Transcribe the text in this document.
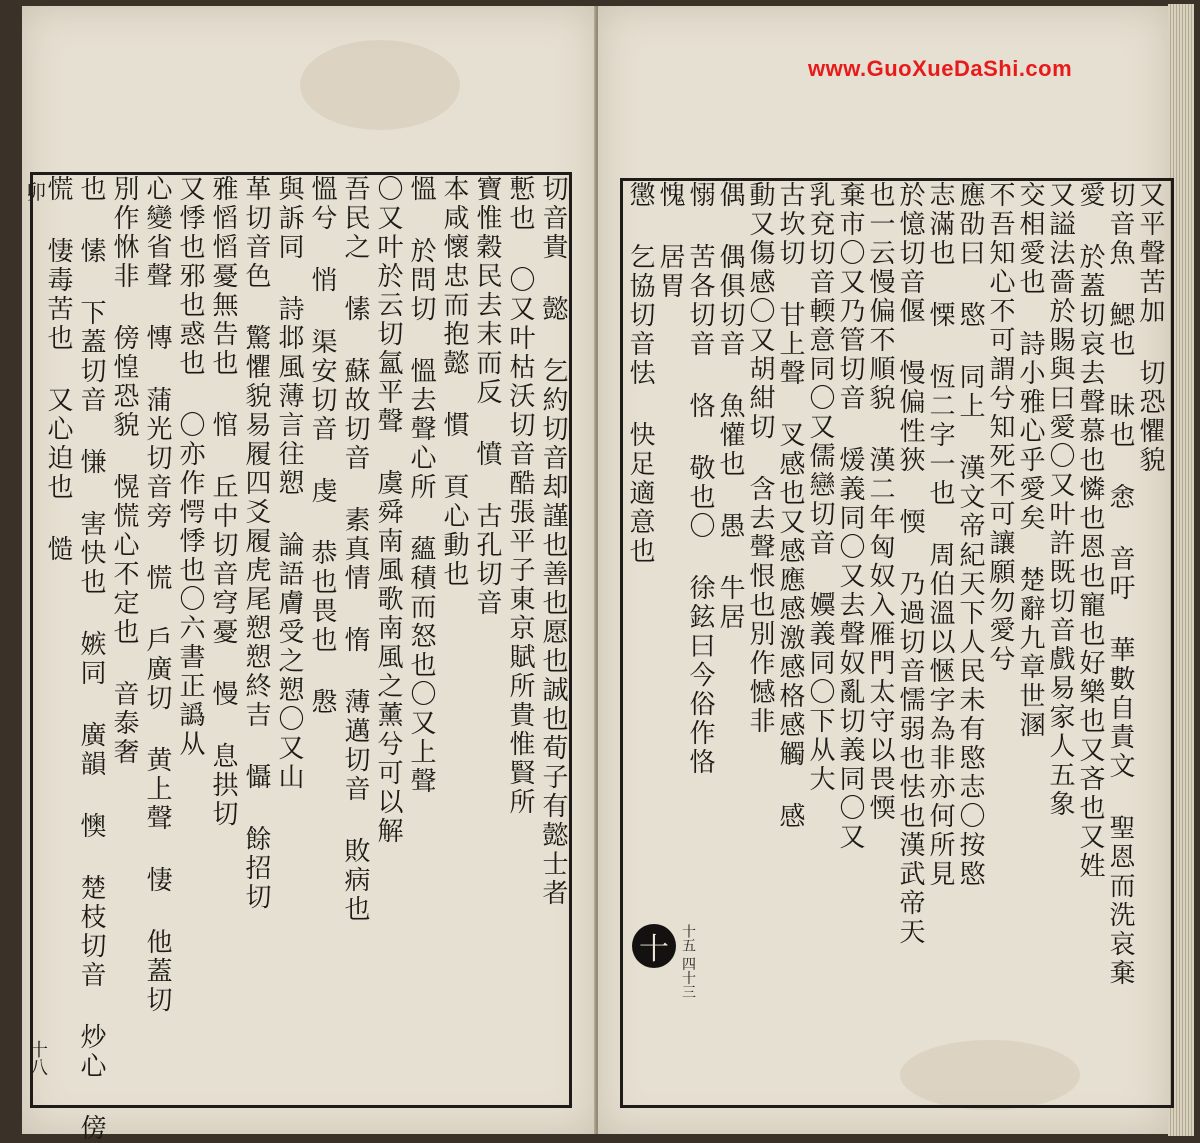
www.GuoXueDaShi.com
卯
十八
切音貴 懿 乞約切音却謹也善也愿也誠也荀子有懿士者
慙也 〇又叶枯沃切音酷張平子東京賦所貴惟賢所
寶惟穀民去末而反 憤 古孔切音
本咸懷忠而抱懿 慣 頁心動也
慍 於問切 慍去聲心所 蘊積而怒也〇又上聲
〇又叶於云切氳平聲 虞舜南風歌南風之薰兮可以解
吾民之 愫 蘇故切音 素真情 惰 薄邁切音 敗病也
慍兮 悄 渠安切音 虔 恭也畏也 慇
與訴同 詩邶風薄言往愬 論語膚受之愬〇又山
革切音色 驚懼貌易履四爻履虎尾愬愬終吉 懾 餘招切
雅慆慆憂無告也 悺 丘中切音穹憂 慢 息拱切
又悸也邪也惑也 〇亦作愕悸也〇六書正譌从
心變省聲 慱 蒲光切音旁 慌 戶廣切 黄上聲 悽 他蓋切
別作恘非 傍惶恐貌 愰慌心不定也 音泰奢
也 愫 下蓋切音 慊 害快也 嫉同 廣韻 懊 楚枝切音 炒心 傍
慌 悽毒苦也 又心迫也 慥	又平聲苦加 切恐懼貌
切音魚 鰓也 昧也 悆 音吁 華數自責文 聖恩而洗哀棄
愛 於蓋切哀去聲慕也憐也恩也寵也好樂也又吝也又姓
又謚法嗇於賜與曰愛〇又叶許既切音戲易家人五象
交相愛也 詩小雅心乎愛矣 楚辭九章世溷
不吾知心不可謂兮知死不可讓願勿愛兮
應劭曰 愍 同上 漢文帝紀天下人民未有愍志〇按愍
志滿也 慄 恆二字一也 周伯溫以愜字為非亦何所見
於憶切音偃 慢偏性狹 愞 乃過切音懦弱也怯也漢武帝天
也一云慢偏不順貌 漢二年匈奴入雁門太守以畏愞
棄市〇又乃管切音 煖義同〇又去聲奴亂切義同〇又
乳兗切音輭意同〇又儒戀切音 嬽義同〇下从大
古坎切 甘上聲 叉感也又感應感激感格感觸 感
動又傷感〇又胡紺切 含去聲恨也別作憾非
偶 偶俱切音 魚懽也 愚 牛居
愵 苦各切音 恪 敬也〇 徐鉉曰今俗作恪
愧 居胃
懲 乞協切音怯 快足適意也
十 十五 四十三
